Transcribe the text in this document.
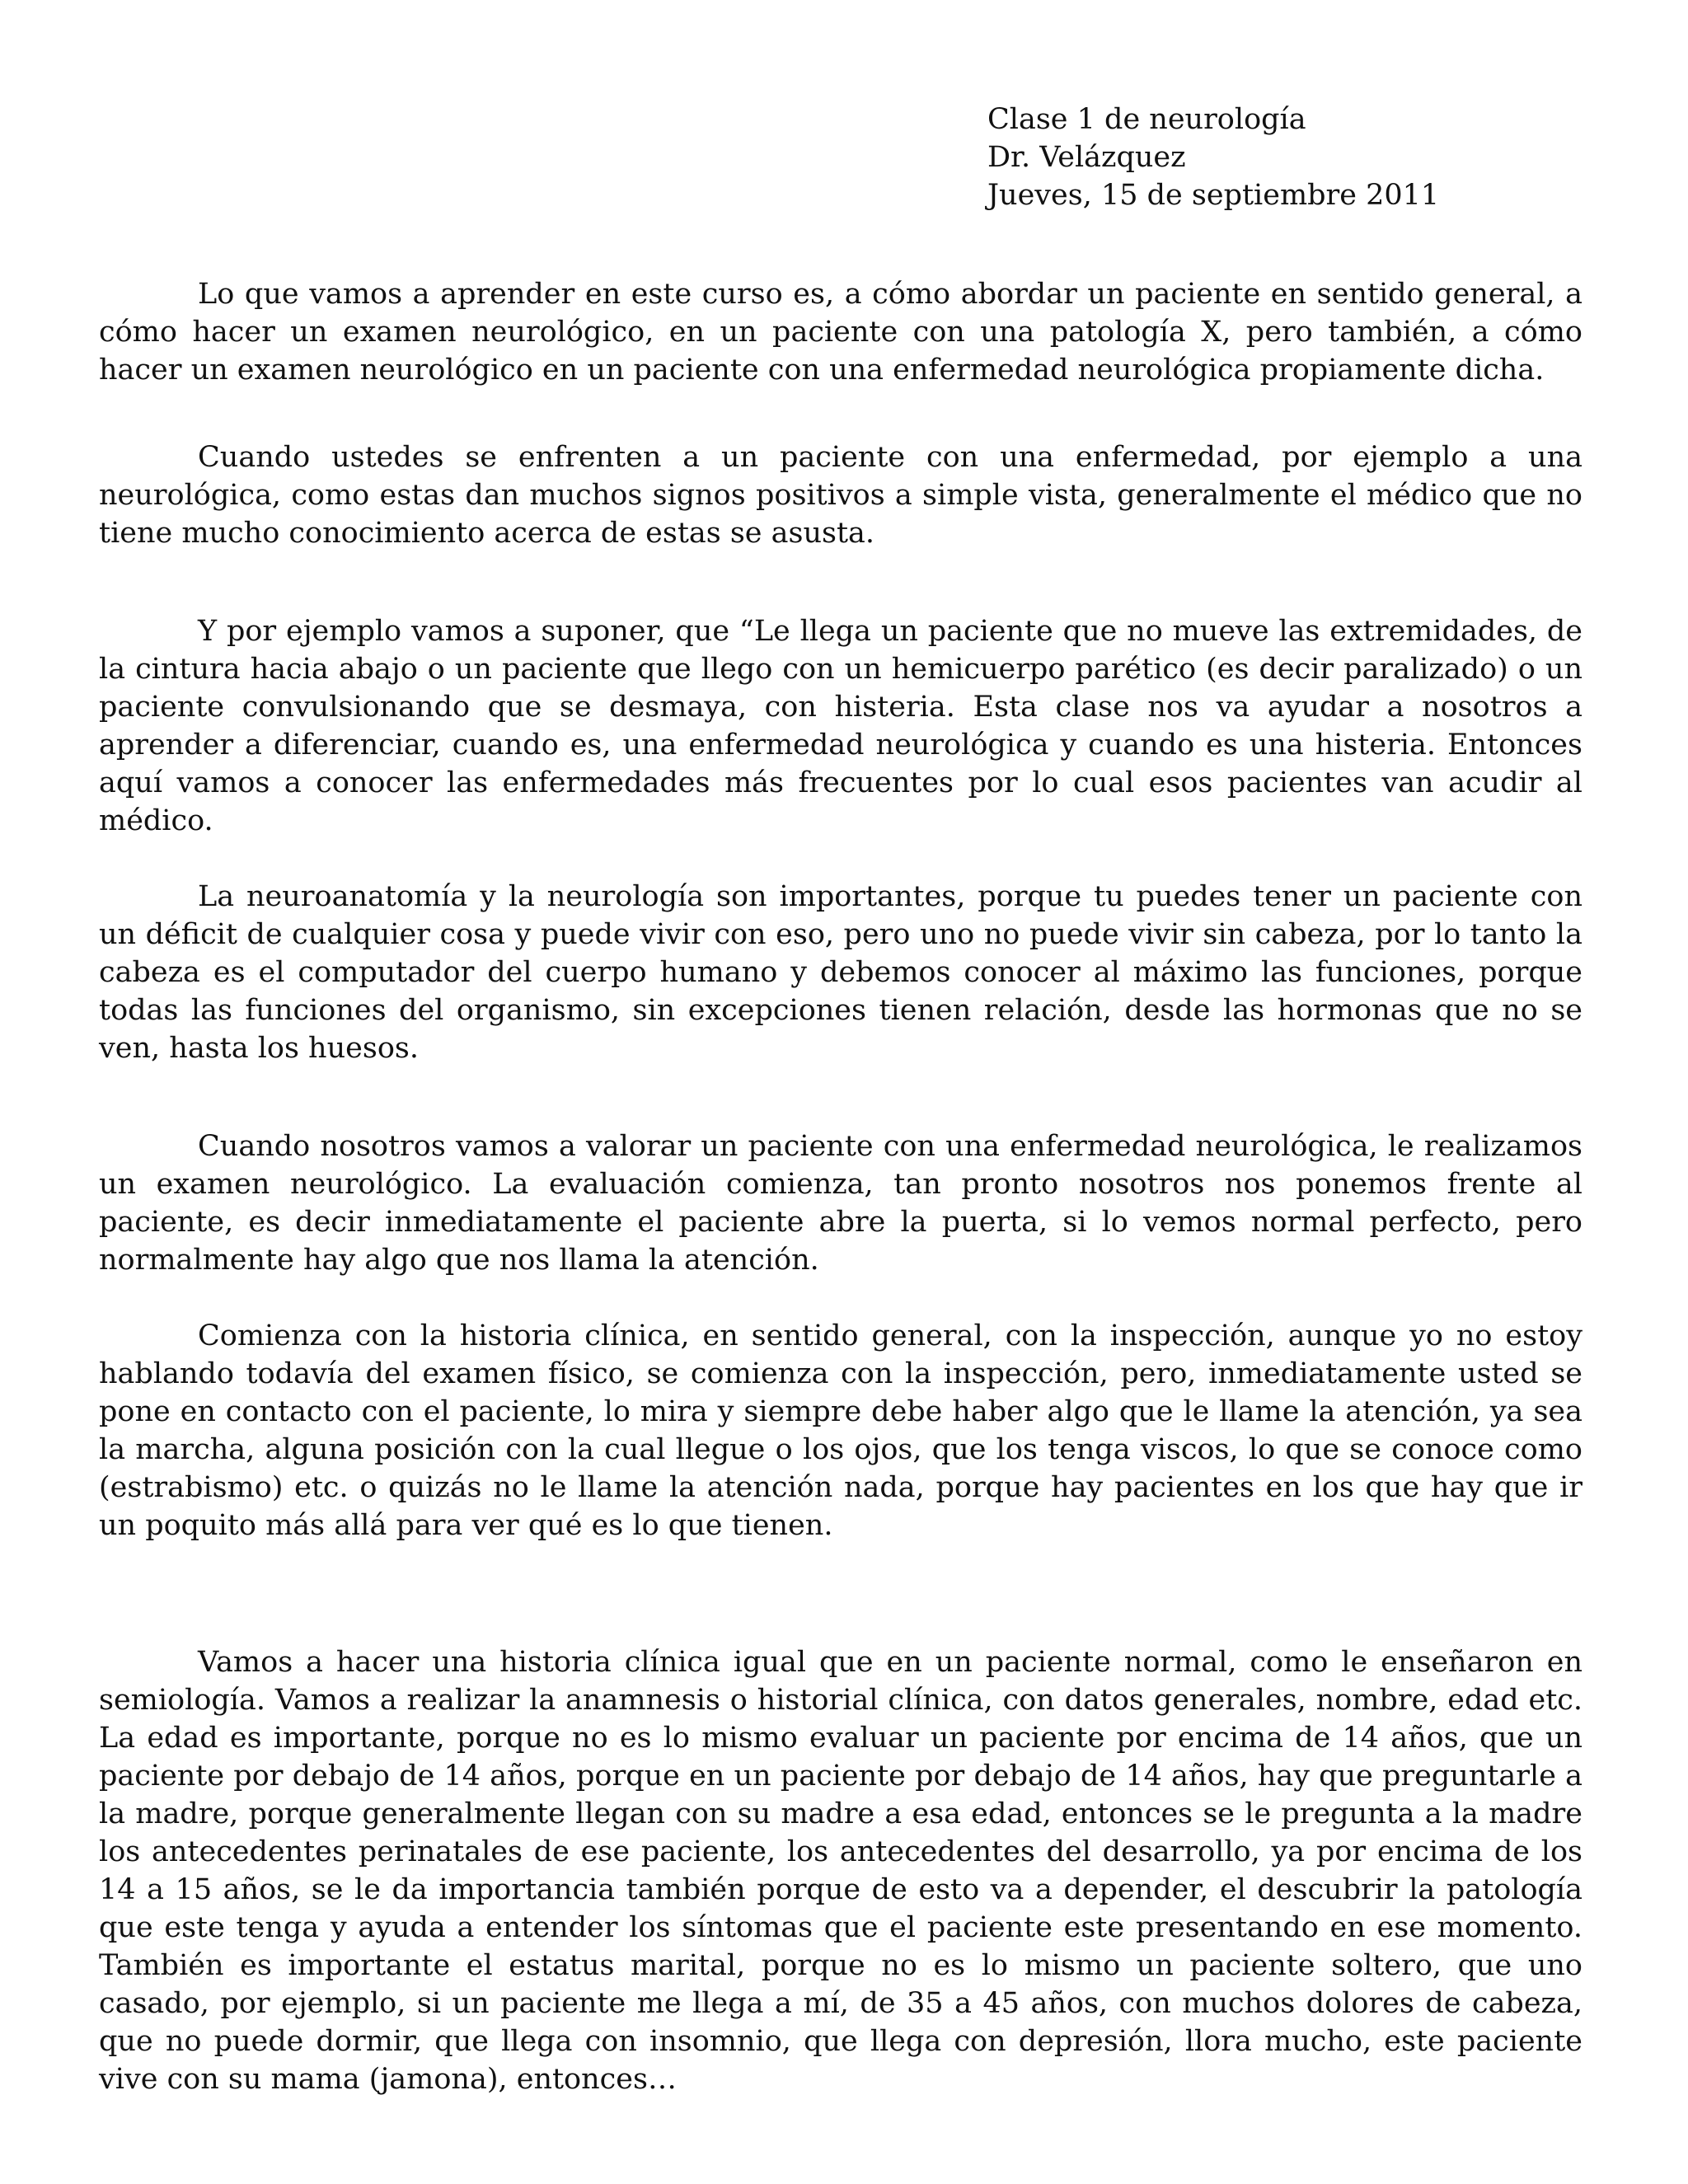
Clase 1 de neurología
Dr. Velázquez
Jueves, 15 de septiembre 2011

Lo que vamos a aprender en este curso es, a cómo abordar un paciente en sentido general, a cómo hacer un examen neurológico, en un paciente con una patología X, pero también, a cómo hacer un examen neurológico en un paciente con una enfermedad neurológica propiamente dicha.

Cuando ustedes se enfrenten a un paciente con una enfermedad, por ejemplo a una neurológica, como estas dan muchos signos positivos a simple vista, generalmente el médico que no tiene mucho conocimiento acerca de estas se asusta.

Y por ejemplo vamos a suponer, que “Le llega un paciente que no mueve las extremidades, de la cintura hacia abajo o un paciente que llego con un hemicuerpo parético (es decir paralizado) o un paciente convulsionando que se desmaya, con histeria. Esta clase nos va ayudar a nosotros a aprender a diferenciar, cuando es, una enfermedad neurológica y cuando es una histeria. Entonces aquí vamos a conocer las enfermedades más frecuentes por lo cual esos pacientes van acudir al médico.

La neuroanatomía y la neurología son importantes, porque tu puedes tener un paciente con un déficit de cualquier cosa y puede vivir con eso, pero uno no puede vivir sin cabeza, por lo tanto la cabeza es el computador del cuerpo humano y debemos conocer al máximo las funciones, porque todas las funciones del organismo, sin excepciones tienen relación, desde las hormonas que no se ven, hasta los huesos.

Cuando nosotros vamos a valorar un paciente con una enfermedad neurológica, le realizamos un examen neurológico. La evaluación comienza, tan pronto nosotros nos ponemos frente al paciente, es decir inmediatamente el paciente abre la puerta, si lo vemos normal perfecto, pero normalmente hay algo que nos llama la atención.

Comienza con la historia clínica, en sentido general, con la inspección, aunque yo no estoy hablando todavía del examen físico, se comienza con la inspección, pero, inmediatamente usted se pone en contacto con el paciente, lo mira y siempre debe haber algo que le llame la atención, ya sea la marcha, alguna posición con la cual llegue o los ojos, que los tenga viscos, lo que se conoce como (estrabismo) etc. o quizás no le llame la atención nada, porque hay pacientes en los que hay que ir un poquito más allá para ver qué es lo que tienen.

Vamos a hacer una historia clínica igual que en un paciente normal, como le enseñaron en semiología. Vamos a realizar la anamnesis o historial clínica, con datos generales, nombre, edad etc. La edad es importante, porque no es lo mismo evaluar un paciente por encima de 14 años, que un paciente por debajo de 14 años, porque en un paciente por debajo de 14 años, hay que preguntarle a la madre, porque generalmente llegan con su madre a esa edad, entonces se le pregunta a la madre los antecedentes perinatales de ese paciente, los antecedentes del desarrollo, ya por encima de los 14 a 15 años, se le da importancia también porque de esto va a depender, el descubrir la patología que este tenga y ayuda a entender los síntomas que el paciente este presentando en ese momento. También es importante el estatus marital, porque no es lo mismo un paciente soltero, que uno casado, por ejemplo, si un paciente me llega a mí, de 35 a 45 años, con muchos dolores de cabeza, que no puede dormir, que llega con insomnio, que llega con depresión, llora mucho, este paciente vive con su mama (jamona), entonces…
